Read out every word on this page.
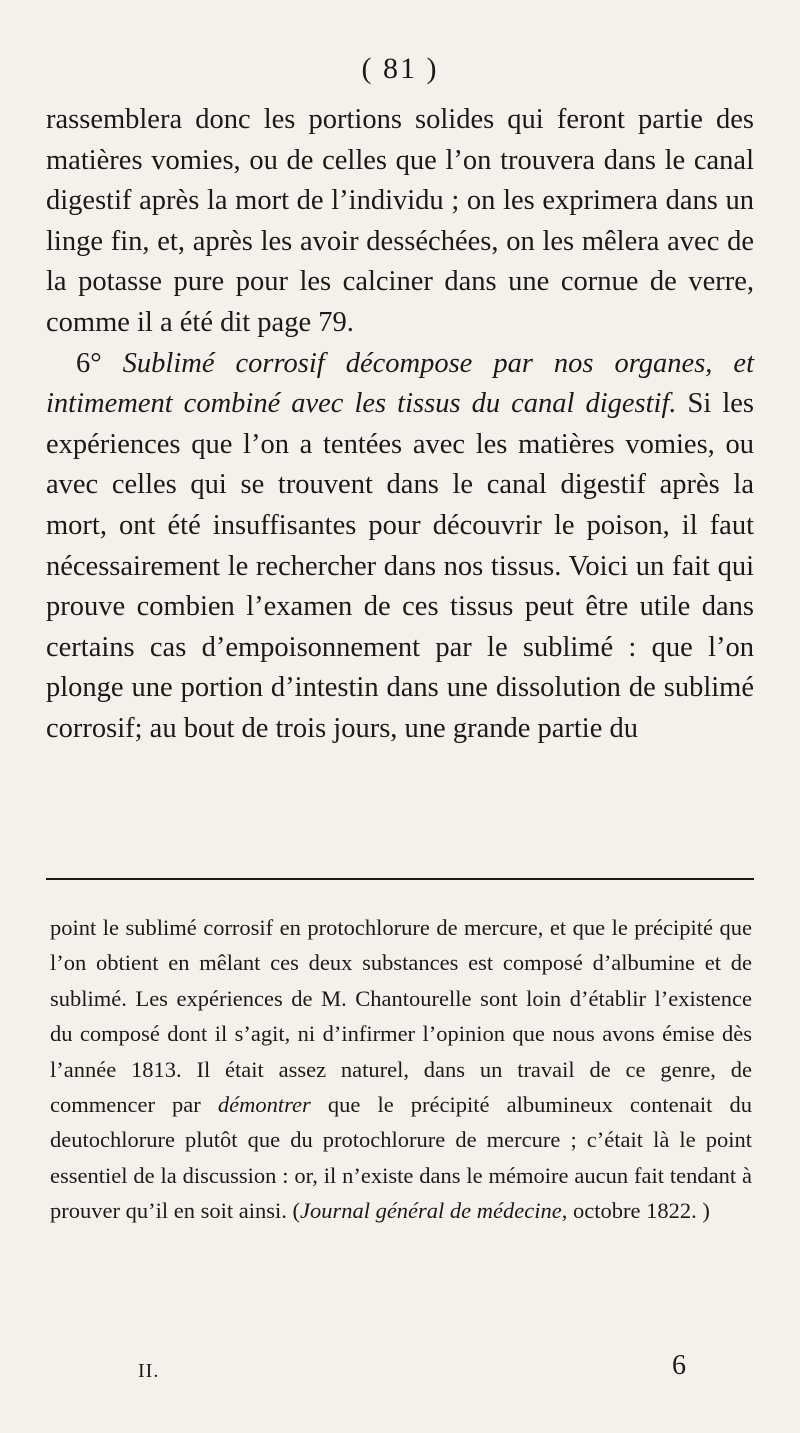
( 81 )

rassemblera donc les portions solides qui feront partie des matières vomies, ou de celles que l’on trouvera dans le canal digestif après la mort de l’individu ; on les exprimera dans un linge fin, et, après les avoir desséchées, on les mêlera avec de la potasse pure pour les calciner dans une cornue de verre, comme il a été dit page 79.

6° Sublimé corrosif décompose par nos organes, et intimement combiné avec les tissus du canal digestif. Si les expériences que l’on a tentées avec les matières vomies, ou avec celles qui se trouvent dans le canal digestif après la mort, ont été insuffisantes pour découvrir le poison, il faut nécessairement le rechercher dans nos tissus. Voici un fait qui prouve combien l’examen de ces tissus peut être utile dans certains cas d’empoisonnement par le sublimé : que l’on plonge une portion d’intestin dans une dissolution de sublimé corrosif; au bout de trois jours, une grande partie du

point le sublimé corrosif en protochlorure de mercure, et que le précipité que l’on obtient en mêlant ces deux substances est composé d’albumine et de sublimé. Les expériences de M. Chantourelle sont loin d’établir l’existence du composé dont il s’agit, ni d’infirmer l’opinion que nous avons émise dès l’année 1813. Il était assez naturel, dans un travail de ce genre, de commencer par démontrer que le précipité albumineux contenait du deutochlorure plutôt que du protochlorure de mercure ; c’était là le point essentiel de la discussion : or, il n’existe dans le mémoire aucun fait tendant à prouver qu’il en soit ainsi. (Journal général de médecine, octobre 1822. )

II.	6
